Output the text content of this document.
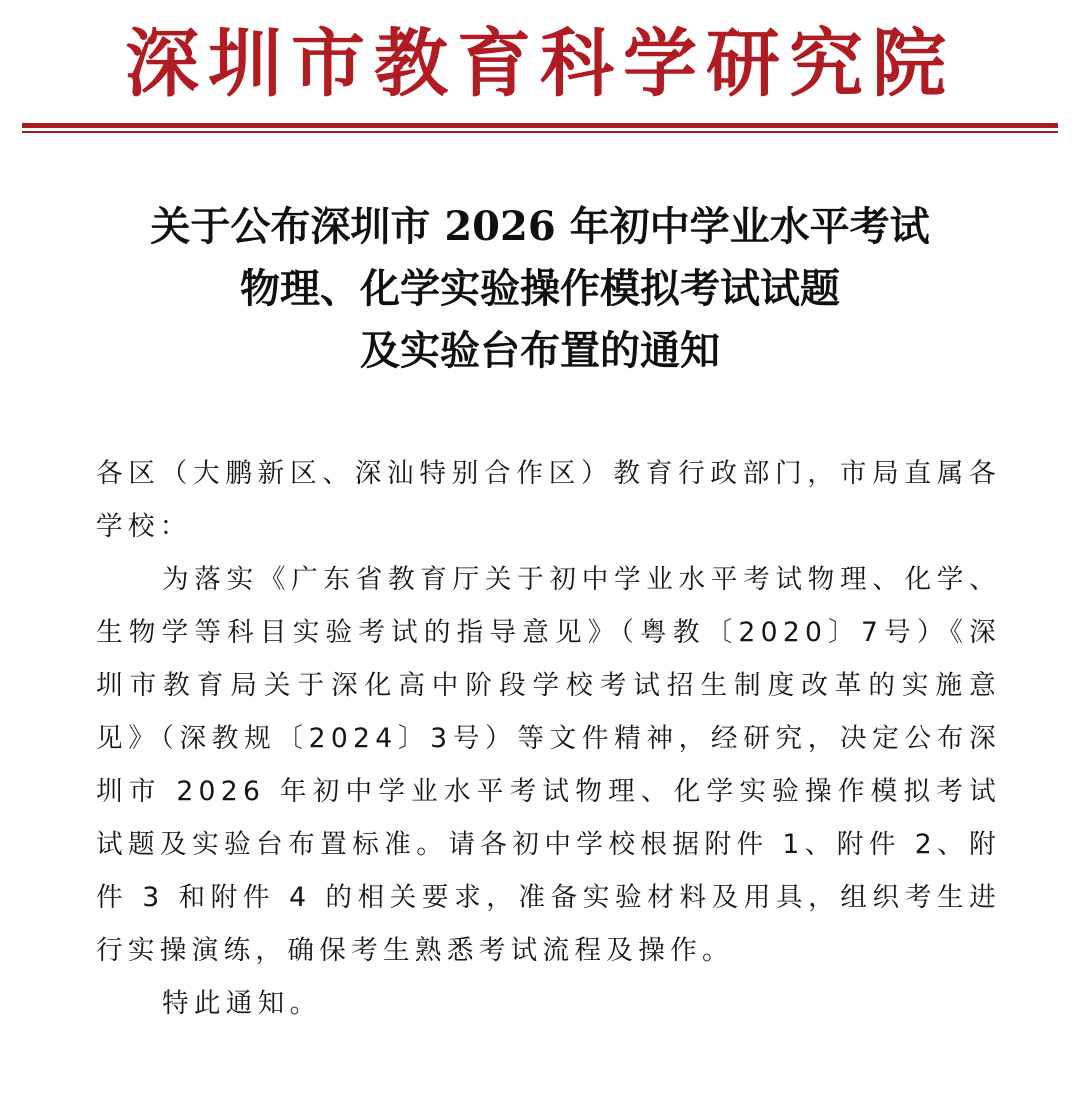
深圳市教育科学研究院
关于公布深圳市 2026 年初中学业水平考试
物理、化学实验操作模拟考试试题
及实验台布置的通知

各区（大鹏新区、深汕特别合作区）教育行政部门，市局直属各学校：

为落实《广东省教育厅关于初中学业水平考试物理、化学、生物学等科目实验考试的指导意见》（粤教〔2020〕7号）《深圳市教育局关于深化高中阶段学校考试招生制度改革的实施意见》（深教规〔2024〕3号）等文件精神，经研究，决定公布深圳市 2026 年初中学业水平考试物理、化学实验操作模拟考试试题及实验台布置标准。请各初中学校根据附件 1、附件 2、附件 3 和附件 4 的相关要求，准备实验材料及用具，组织考生进行实操演练，确保考生熟悉考试流程及操作。

特此通知。
